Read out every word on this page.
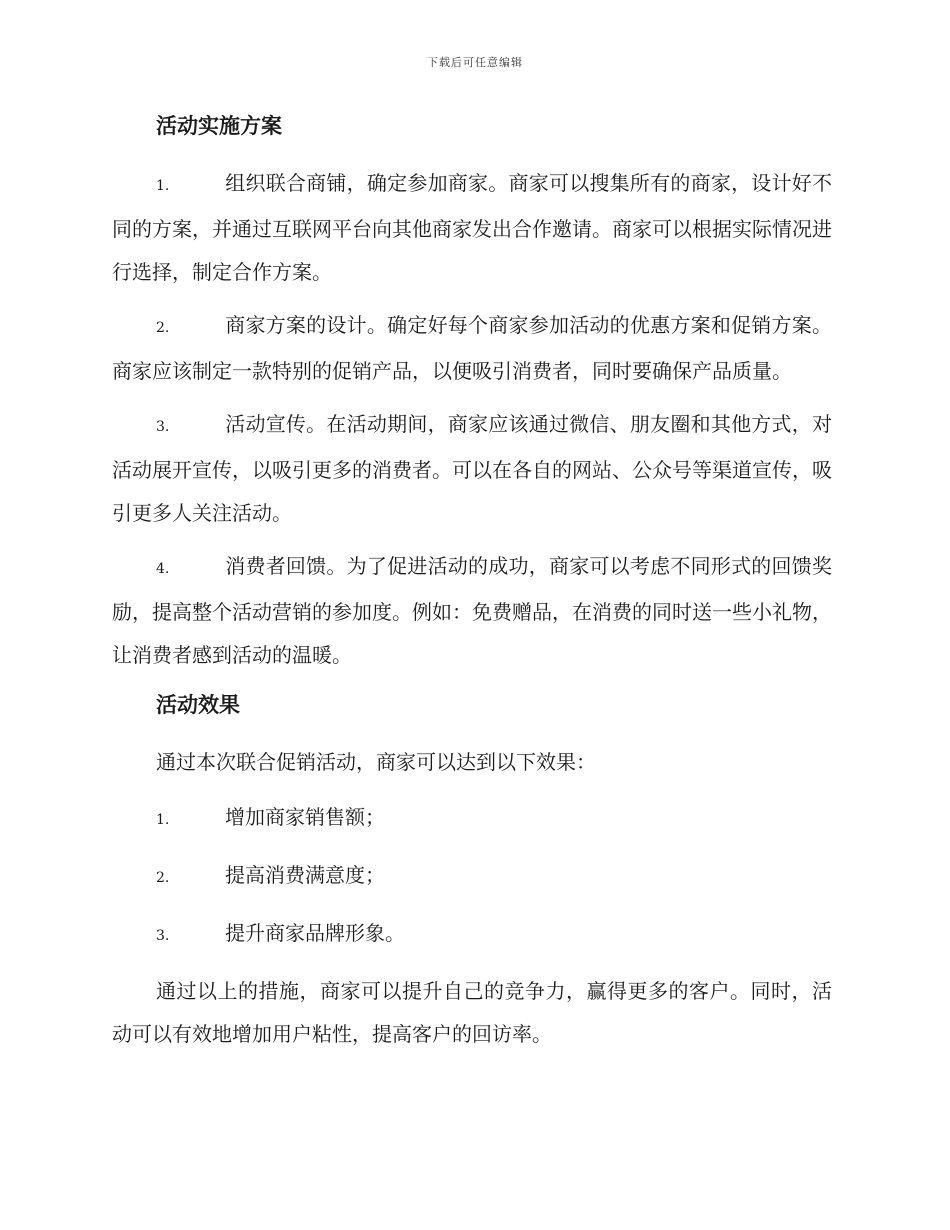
下载后可任意编辑
活动实施方案
1.	组织联合商铺，确定参加商家。商家可以搜集所有的商家，设计好不同的方案，并通过互联网平台向其他商家发出合作邀请。商家可以根据实际情况进行选择，制定合作方案。
2.	商家方案的设计。确定好每个商家参加活动的优惠方案和促销方案。商家应该制定一款特别的促销产品，以便吸引消费者，同时要确保产品质量。
3.	活动宣传。在活动期间，商家应该通过微信、朋友圈和其他方式，对活动展开宣传，以吸引更多的消费者。可以在各自的网站、公众号等渠道宣传，吸引更多人关注活动。
4.	消费者回馈。为了促进活动的成功，商家可以考虑不同形式的回馈奖励，提高整个活动营销的参加度。例如：免费赠品，在消费的同时送一些小礼物，让消费者感到活动的温暖。
活动效果
通过本次联合促销活动，商家可以达到以下效果：
1.	增加商家销售额；
2.	提高消费满意度；
3.	提升商家品牌形象。
通过以上的措施，商家可以提升自己的竞争力，赢得更多的客户。同时，活动可以有效地增加用户粘性，提高客户的回访率。
